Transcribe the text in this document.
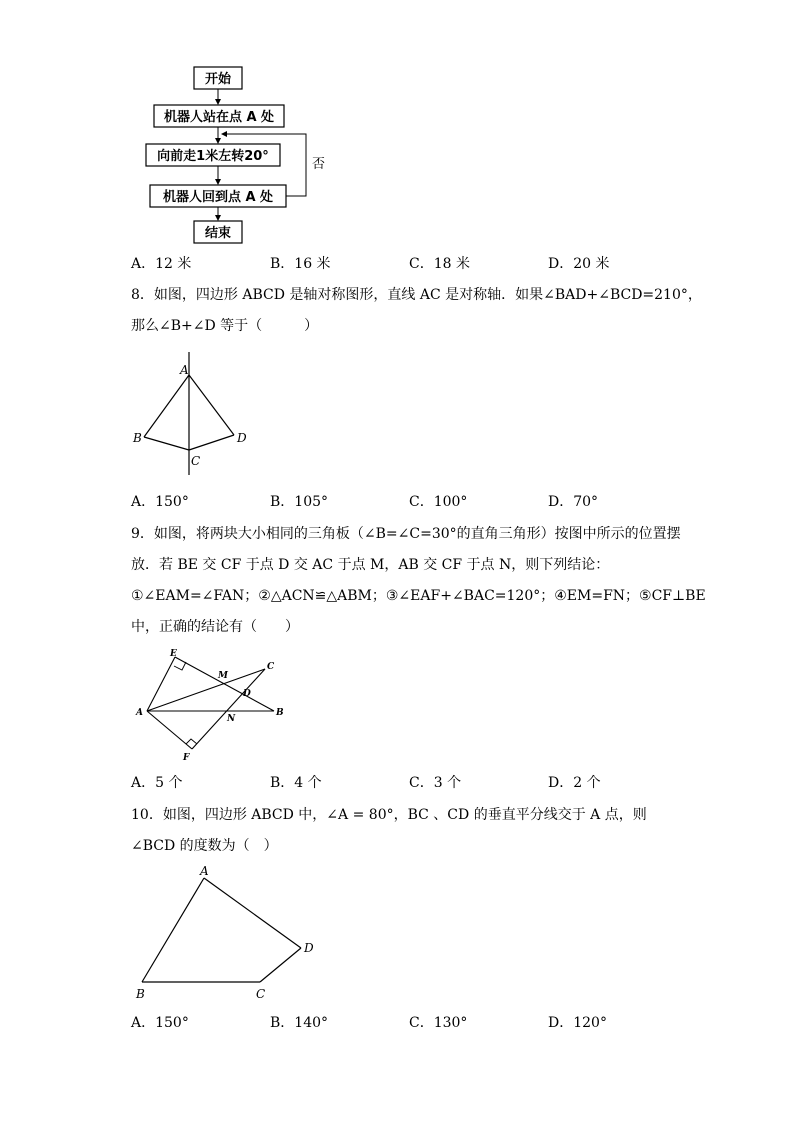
开始
机器人站在点 A 处
向前走1米左转20°
机器人回到点 A 处
结束
否
A．12 米	B．16 米	C．18 米	D．20 米
8．如图，四边形 ABCD 是轴对称图形，直线 AC 是对称轴．如果∠BAD+∠BCD=210°，
那么∠B+∠D 等于（　　　）
A
B
C
D
A．150°	B．105°	C．100°	D．70°
9．如图，将两块大小相同的三角板（∠B=∠C=30°的直角三角形）按图中所示的位置摆
放．若 BE 交 CF 于点 D 交 AC 于点 M，AB 交 CF 于点 N，则下列结论：
①∠EAM=∠FAN；②△ACN≌△ABM；③∠EAF+∠BAC=120°；④EM=FN；⑤CF⊥BE
中，正确的结论有（　　）
E
M
C
D
A
N
B
F
A．5 个	B．4 个	C．3 个	D．2 个
10．如图，四边形 ABCD 中，∠A = 80°，BC 、CD 的垂直平分线交于 A 点，则
∠BCD 的度数为（　）
A
B	C
D
A．150°	B．140°	C．130°	D．120°
